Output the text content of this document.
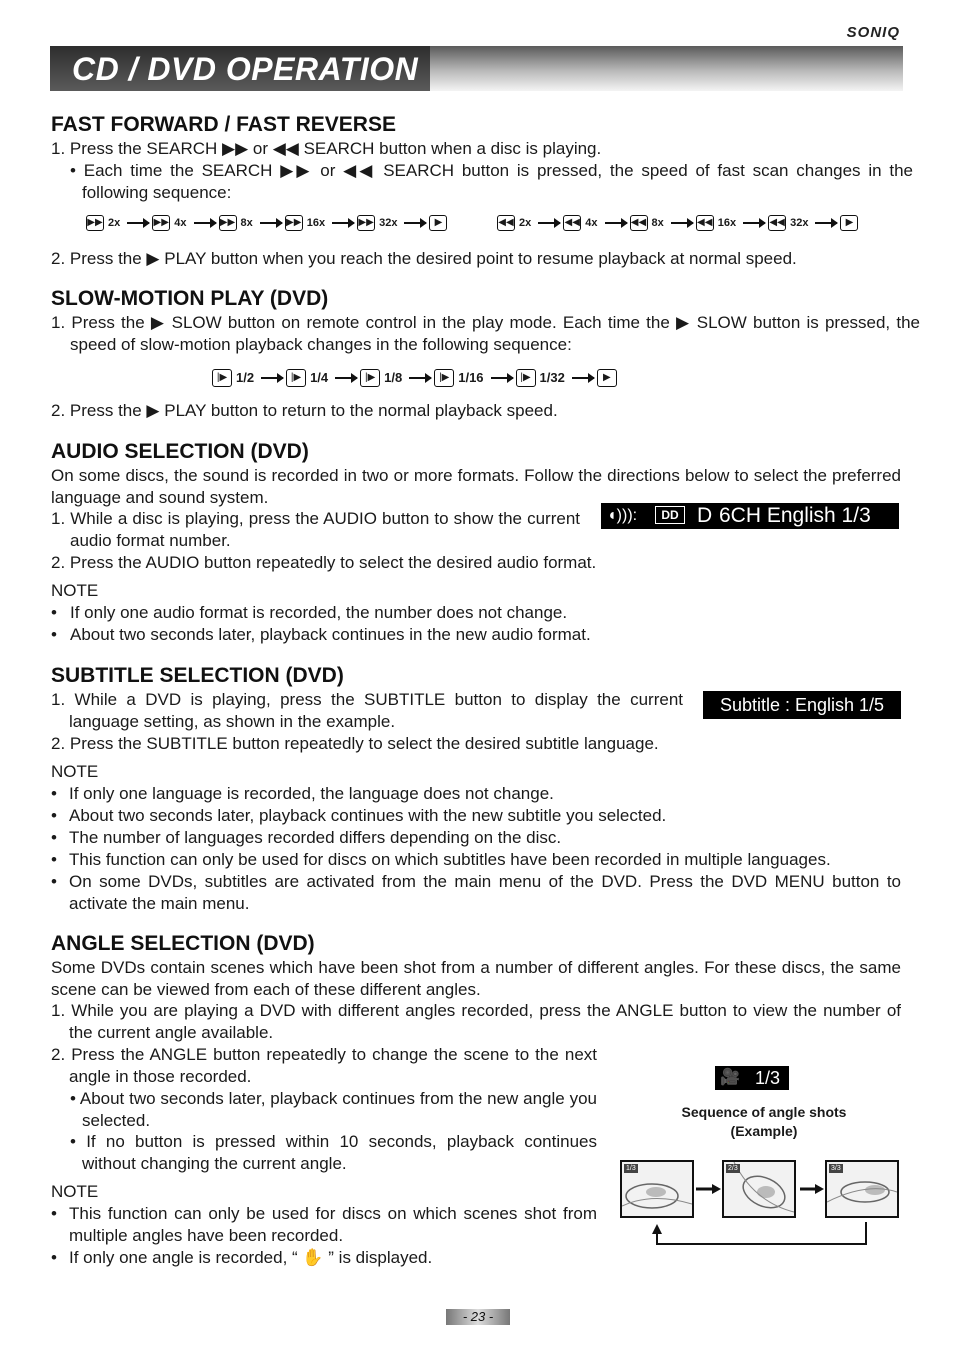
SONIQ
CD / DVD OPERATION
FAST FORWARD / FAST REVERSE

1. Press the SEARCH ▶▶ or ◀◀ SEARCH button when a disc is playing.

• Each time the SEARCH ▶▶ or ◀◀ SEARCH button is pressed, the speed of fast scan changes in the following sequence:

▶▶ 2x	▶▶ 4x	▶▶ 8x	▶▶ 16x	▶▶ 32x	▶	◀◀ 2x	◀◀ 4x	◀◀ 8x	◀◀ 16x	◀◀ 32x	▶

2. Press the ▶ PLAY button when you reach the desired point to resume playback at normal speed.

SLOW-MOTION PLAY (DVD)

1. Press the ▶ SLOW button on remote control in the play mode. Each time the ▶ SLOW button is pressed, the speed of slow-motion playback changes in the following sequence:

|▶ 1/2	|▶ 1/4	|▶ 1/8	|▶ 1/16	|▶ 1/32	▶

2. Press the ▶ PLAY button to return to the normal playback speed.

AUDIO SELECTION (DVD)

On some discs, the sound is recorded in two or more formats. Follow the directions below to select the preferred language and sound system.

1. While a disc is playing, press the AUDIO button to show the current audio format number.

2. Press the AUDIO button repeatedly to select the desired audio format.

◖))):	DD D 6CH English 1/3

NOTE

• If only one audio format is recorded, the number does not change.
• About two seconds later, playback continues in the new audio format.
SUBTITLE SELECTION (DVD)

1. While a DVD is playing, press the SUBTITLE button to display the current language setting, as shown in the example.

2. Press the SUBTITLE button repeatedly to select the desired subtitle language.

Subtitle : English 1/5

NOTE

• If only one language is recorded, the language does not change.
• About two seconds later, playback continues with the new subtitle you selected.
• The number of languages recorded differs depending on the disc.
• This function can only be used for discs on which subtitles have been recorded in multiple languages.
• On some DVDs, subtitles are activated from the main menu of the DVD. Press the DVD MENU button to activate the main menu.
ANGLE SELECTION (DVD)

Some DVDs contain scenes which have been shot from a number of different angles. For these discs, the same scene can be viewed from each of these different angles.

1. While you are playing a DVD with different angles recorded, press the ANGLE button to view the number of the current angle available.

2. Press the ANGLE button repeatedly to change the scene to the next angle in those recorded.

• About two seconds later, playback continues from the new angle you selected.

• If no button is pressed within 10 seconds, playback continues without changing the current angle.

NOTE

• This function can only be used for discs on which scenes shot from multiple angles have been recorded.
• If only one angle is recorded, “ ✋ ” is displayed.
🎥 1/3
Sequence of angle shots
(Example)
1/3	2/3	3/3
- 23 -
